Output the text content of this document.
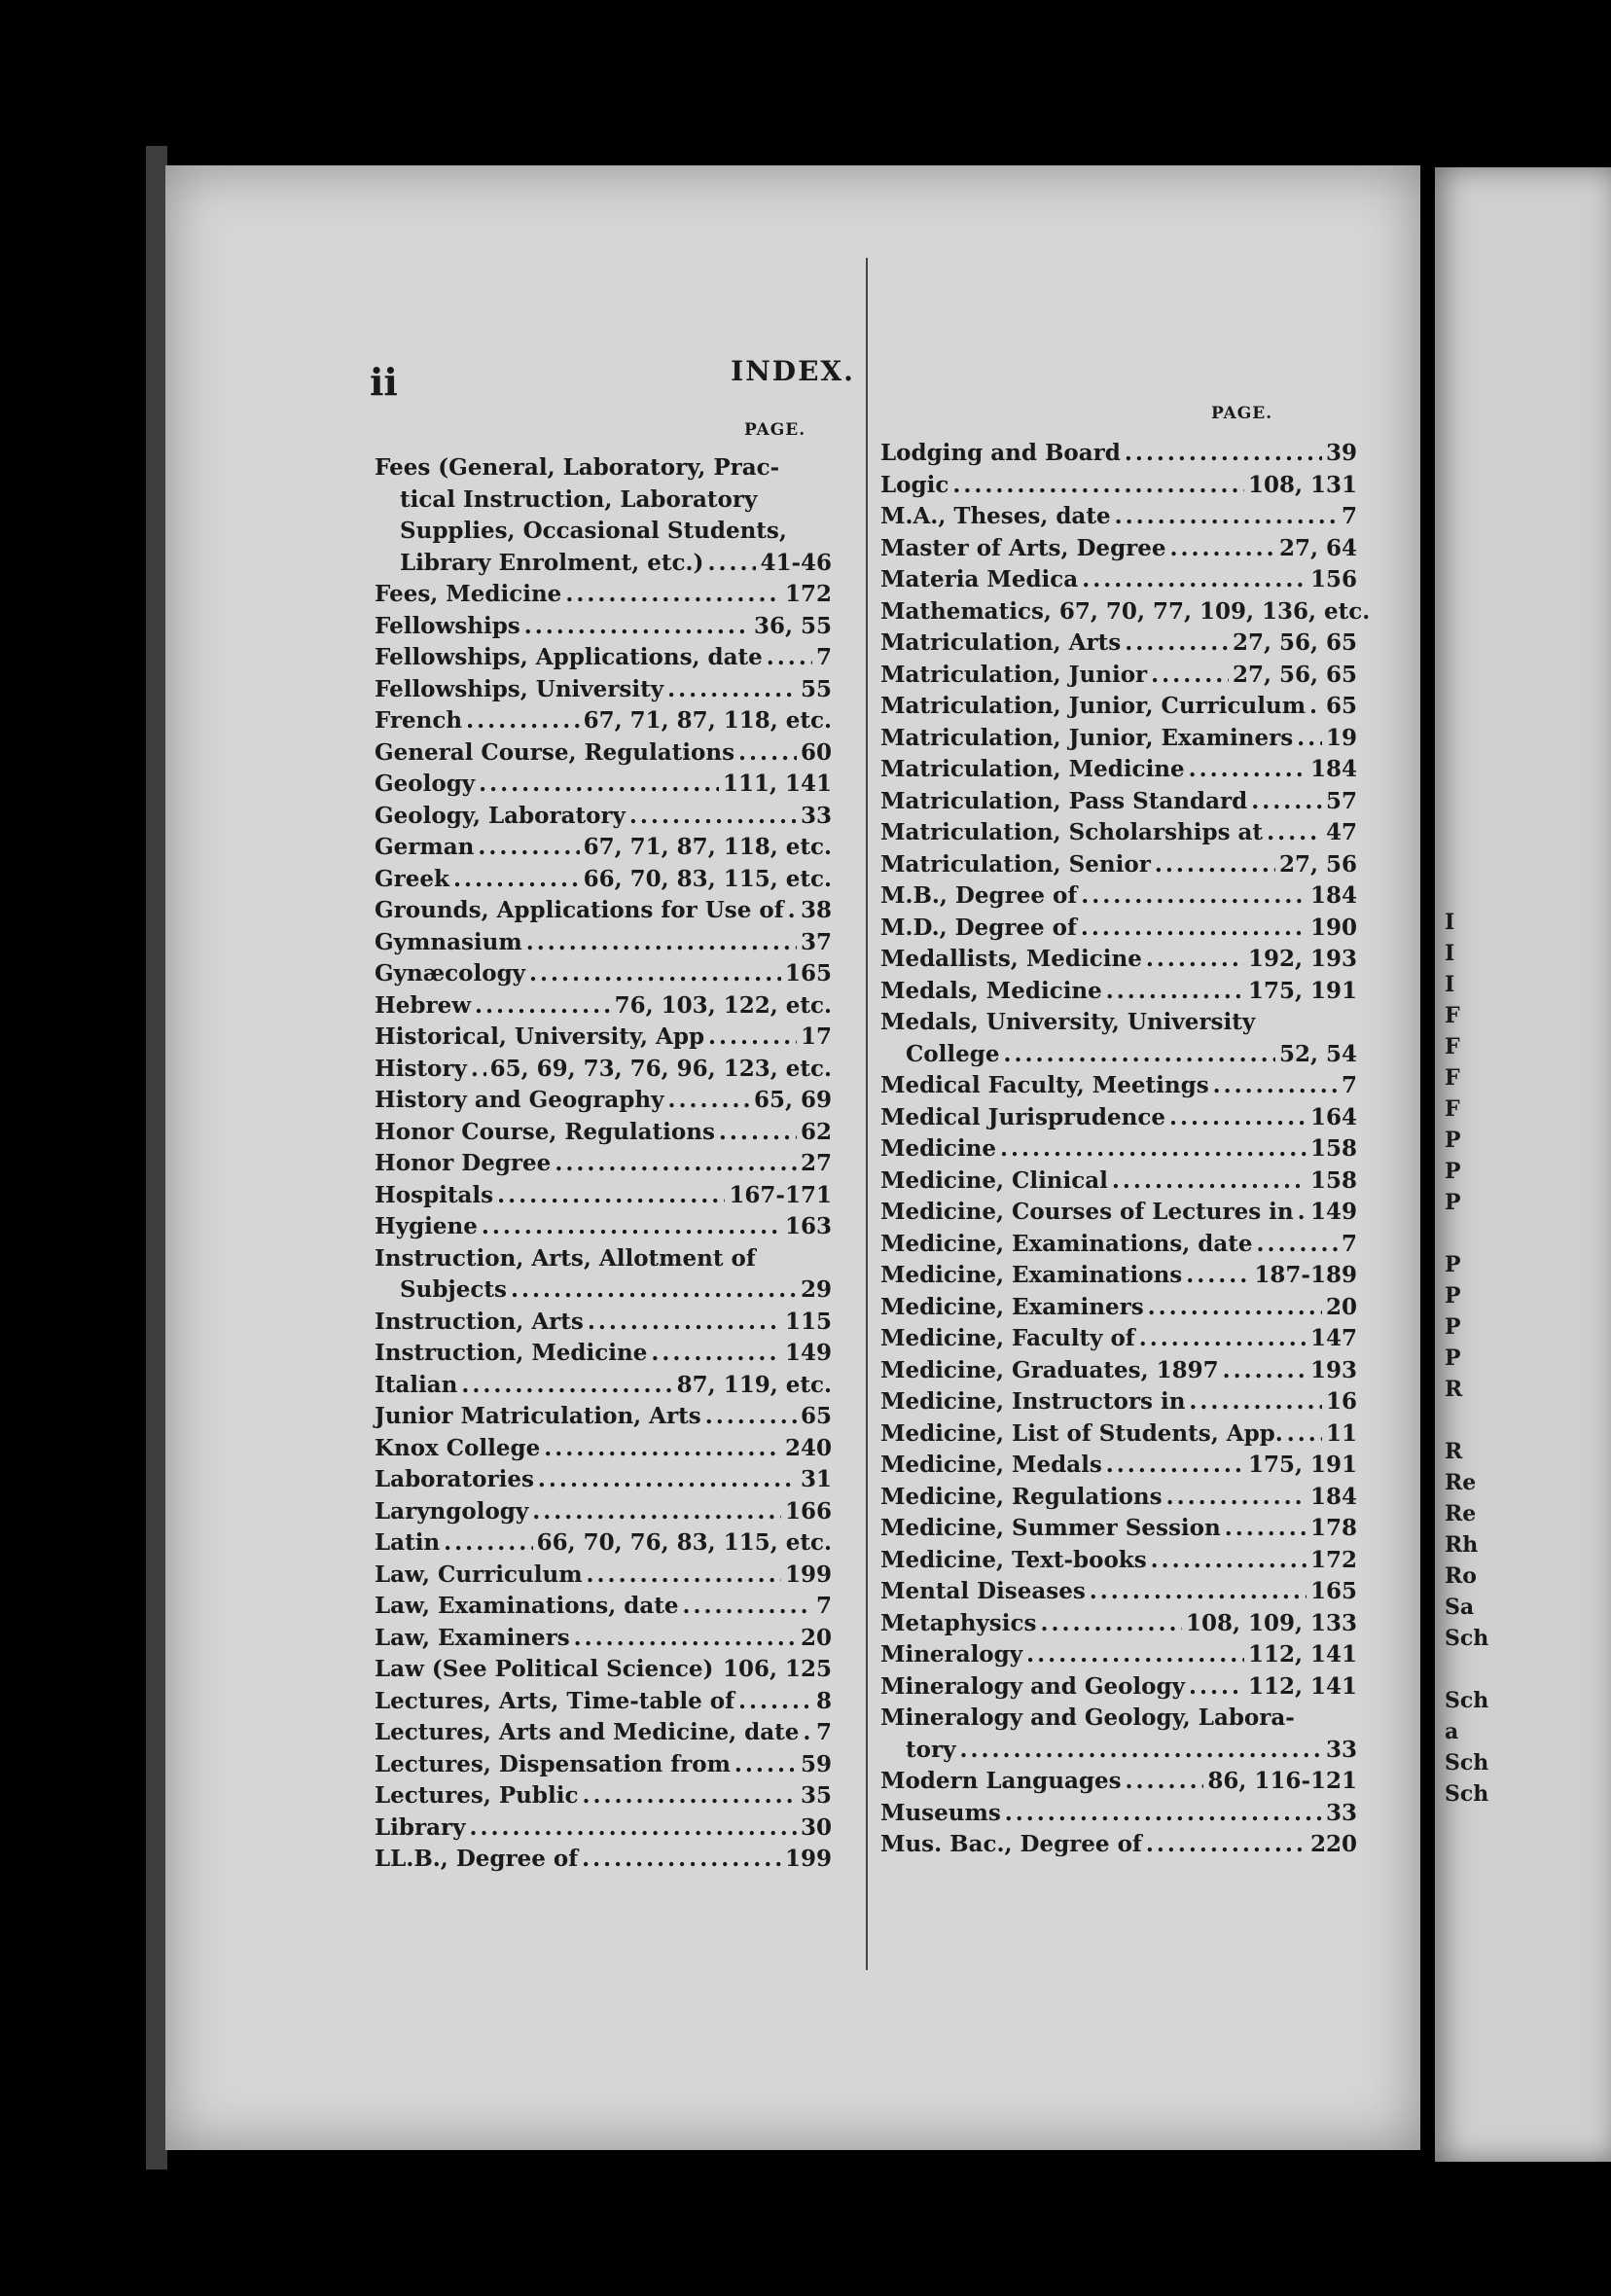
ii	INDEX.
PAGE.
PAGE.
Fees (General, Laboratory, Prac-
tical Instruction, Laboratory
Supplies, Occasional Students,
Library Enrolment, etc.) .....	41-46
Fees, Medicine .....	172
Fellowships .....	36, 55
Fellowships, Applications, date ..... 7
Fellowships, University .....	55
French .....	67, 71, 87, 118, etc.
General Course, Regulations .....	60
Geology .....	111, 141
Geology, Laboratory .....	33
German .....	67, 71, 87, 118, etc.
Greek .....	66, 70, 83, 115, etc.
Grounds, Applications for Use of ..... 38
Gymnasium .....	37
Gynæcology .....	165
Hebrew .....	76, 103, 122, etc.
Historical, University, App .....	17
History ..... 65, 69, 73, 76, 96, 123, etc.
History and Geography .....	65, 69
Honor Course, Regulations .....	62
Honor Degree .....	27
Hospitals .....	167-171
Hygiene .....	163
Instruction, Arts, Allotment of
Subjects .....	29
Instruction, Arts .....	115
Instruction, Medicine .....	149
Italian .....	87, 119, etc.
Junior Matriculation, Arts .....	65
Knox College .....	240
Laboratories .....	31
Laryngology .....	166
Latin .....	66, 70, 76, 83, 115, etc.
Law, Curriculum .....	199
Law, Examinations, date .....	7
Law, Examiners .....	20
Law (See Political Science) ..... 106, 125
Lectures, Arts, Time-table of .....	8
Lectures, Arts and Medicine, date ..... 7
Lectures, Dispensation from .....	59
Lectures, Public .....	35
Library .....	30
LL.B., Degree of .....	199
Lodging and Board .....	39
Logic .....	108, 131
M.A., Theses, date .....	7
Master of Arts, Degree .....	27, 64
Materia Medica .....	156
Mathematics, 67, 70, 77, 109, 136, etc.
Matriculation, Arts .....	27, 56, 65
Matriculation, Junior .....	27, 56, 65
Matriculation, Junior, Curriculum ..... 65
Matriculation, Junior, Examiners ..... 19
Matriculation, Medicine .....	184
Matriculation, Pass Standard .....	57
Matriculation, Scholarships at .....	47
Matriculation, Senior .....	27, 56
M.B., Degree of .....	184
M.D., Degree of .....	190
Medallists, Medicine .....	192, 193
Medals, Medicine .....	175, 191
Medals, University, University
College .....	52, 54
Medical Faculty, Meetings .....	7
Medical Jurisprudence .....	164
Medicine .....	158
Medicine, Clinical .....	158
Medicine, Courses of Lectures in ..... 149
Medicine, Examinations, date .....	7
Medicine, Examinations .....	187-189
Medicine, Examiners .....	20
Medicine, Faculty of .....	147
Medicine, Graduates, 1897 .....	193
Medicine, Instructors in .....	16
Medicine, List of Students, App. ..... 11
Medicine, Medals .....	175, 191
Medicine, Regulations .....	184
Medicine, Summer Session .....	178
Medicine, Text-books .....	172
Mental Diseases .....	165
Metaphysics .....	108, 109, 133
Mineralogy .....	112, 141
Mineralogy and Geology .....	112, 141
Mineralogy and Geology, Labora-
tory .....	33
Modern Languages .....	86, 116-121
Museums .....	33
Mus. Bac., Degree of .....	220
I
I
I
F
F
F
F
P
P
P

P
P
P
P
R

R
Re
Re
Rh
Ro
Sa
Sch

Sch
a
Sch
Sch
